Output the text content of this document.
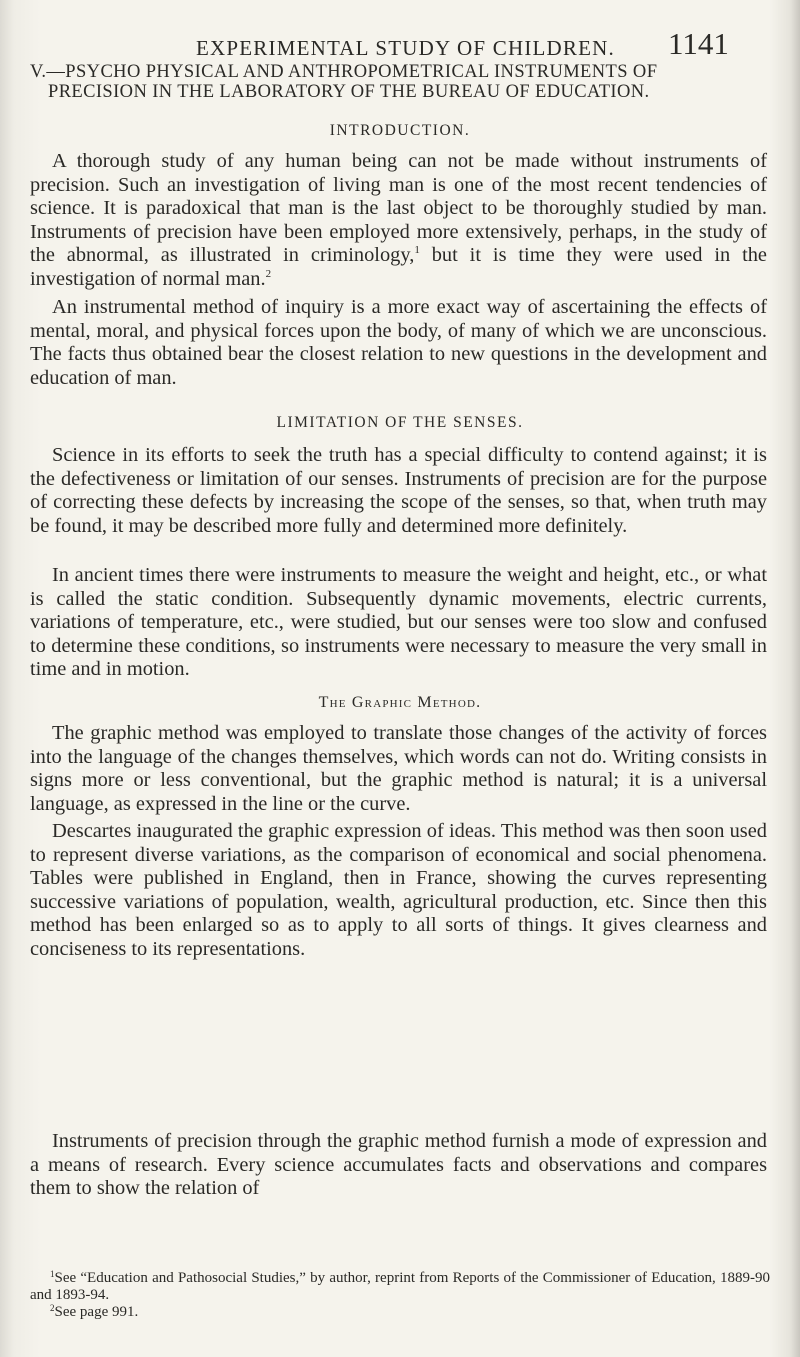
EXPERIMENTAL STUDY OF CHILDREN. 1141
V.—PSYCHO PHYSICAL AND ANTHROPOMETRICAL INSTRUMENTS OF
PRECISION IN THE LABORATORY OF THE BUREAU OF EDUCATION.
INTRODUCTION.

A thorough study of any human being can not be made without instruments of precision. Such an investigation of living man is one of the most recent tendencies of science. It is paradoxical that man is the last object to be thoroughly studied by man. Instruments of precision have been employed more extensively, perhaps, in the study of the abnormal, as illustrated in criminology,$^1$ but it is time they were used in the investigation of normal man.$^2$

An instrumental method of inquiry is a more exact way of ascertaining the effects of mental, moral, and physical forces upon the body, of many of which we are unconscious. The facts thus obtained bear the closest relation to new questions in the development and education of man.

LIMITATION OF THE SENSES.

Science in its efforts to seek the truth has a special difficulty to contend against; it is the defectiveness or limitation of our senses. Instruments of precision are for the purpose of correcting these defects by increasing the scope of the senses, so that, when truth may be found, it may be described more fully and determined more definitely.

In ancient times there were instruments to measure the weight and height, etc., or what is called the static condition. Subsequently dynamic movements, electric currents, variations of temperature, etc., were studied, but our senses were too slow and confused to determine these conditions, so instruments were necessary to measure the very small in time and in motion.

The Graphic Method.

The graphic method was employed to translate those changes of the activity of forces into the language of the changes themselves, which words can not do. Writing consists in signs more or less conventional, but the graphic method is natural; it is a universal language, as expressed in the line or the curve.

Descartes inaugurated the graphic expression of ideas. This method was then soon used to represent diverse variations, as the comparison of economical and social phenomena. Tables were published in England, then in France, showing the curves representing successive variations of population, wealth, agricultural production, etc. Since then this method has been enlarged so as to apply to all sorts of things. It gives clearness and conciseness to its representations.

Instruments of precision through the graphic method furnish a mode of expression and a means of research. Every science accumulates facts and observations and compares them to show the relation of

$^1$See “Education and Pathosocial Studies,” by author, reprint from Reports of the Commissioner of Education, 1889-90 and 1893-94.
$^2$See page 991.
